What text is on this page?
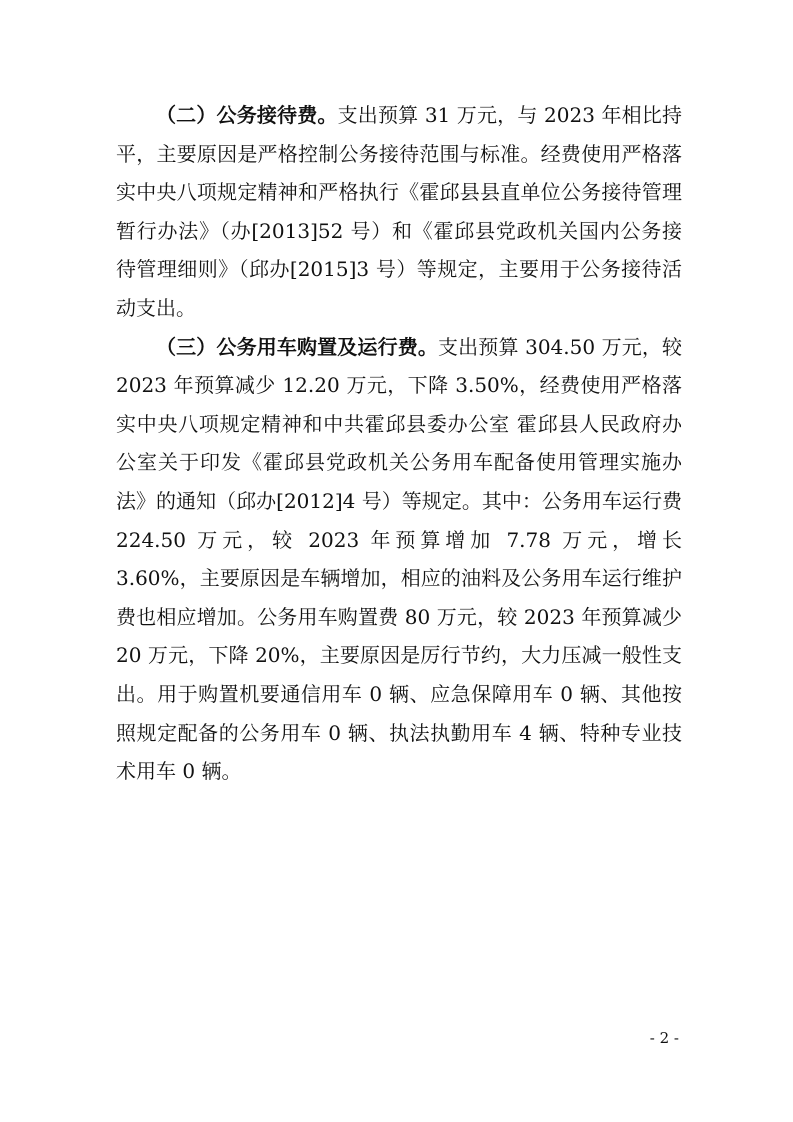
（二）公务接待费。支出预算 31 万元，与 2023 年相比持平，主要原因是严格控制公务接待范围与标准。经费使用严格落实中央八项规定精神和严格执行《霍邱县县直单位公务接待管理暂行办法》（办[2013]52 号）和《霍邱县党政机关国内公务接待管理细则》（邱办[2015]3 号）等规定，主要用于公务接待活动支出。

（三）公务用车购置及运行费。支出预算 304.50 万元，较 2023 年预算减少 12.20 万元，下降 3.50%，经费使用严格落实中央八项规定精神和中共霍邱县委办公室 霍邱县人民政府办公室关于印发《霍邱县党政机关公务用车配备使用管理实施办法》的通知（邱办[2012]4 号）等规定。其中：公务用车运行费 224.50 万元，较 2023 年预算增加 7.78 万元，增长 3.60%，主要原因是车辆增加，相应的油料及公务用车运行维护费也相应增加。公务用车购置费 80 万元，较 2023 年预算减少 20 万元，下降 20%，主要原因是厉行节约，大力压减一般性支出。用于购置机要通信用车 0 辆、应急保障用车 0 辆、其他按照规定配备的公务用车 0 辆、执法执勤用车 4 辆、特种专业技术用车 0 辆。

- 2 -
